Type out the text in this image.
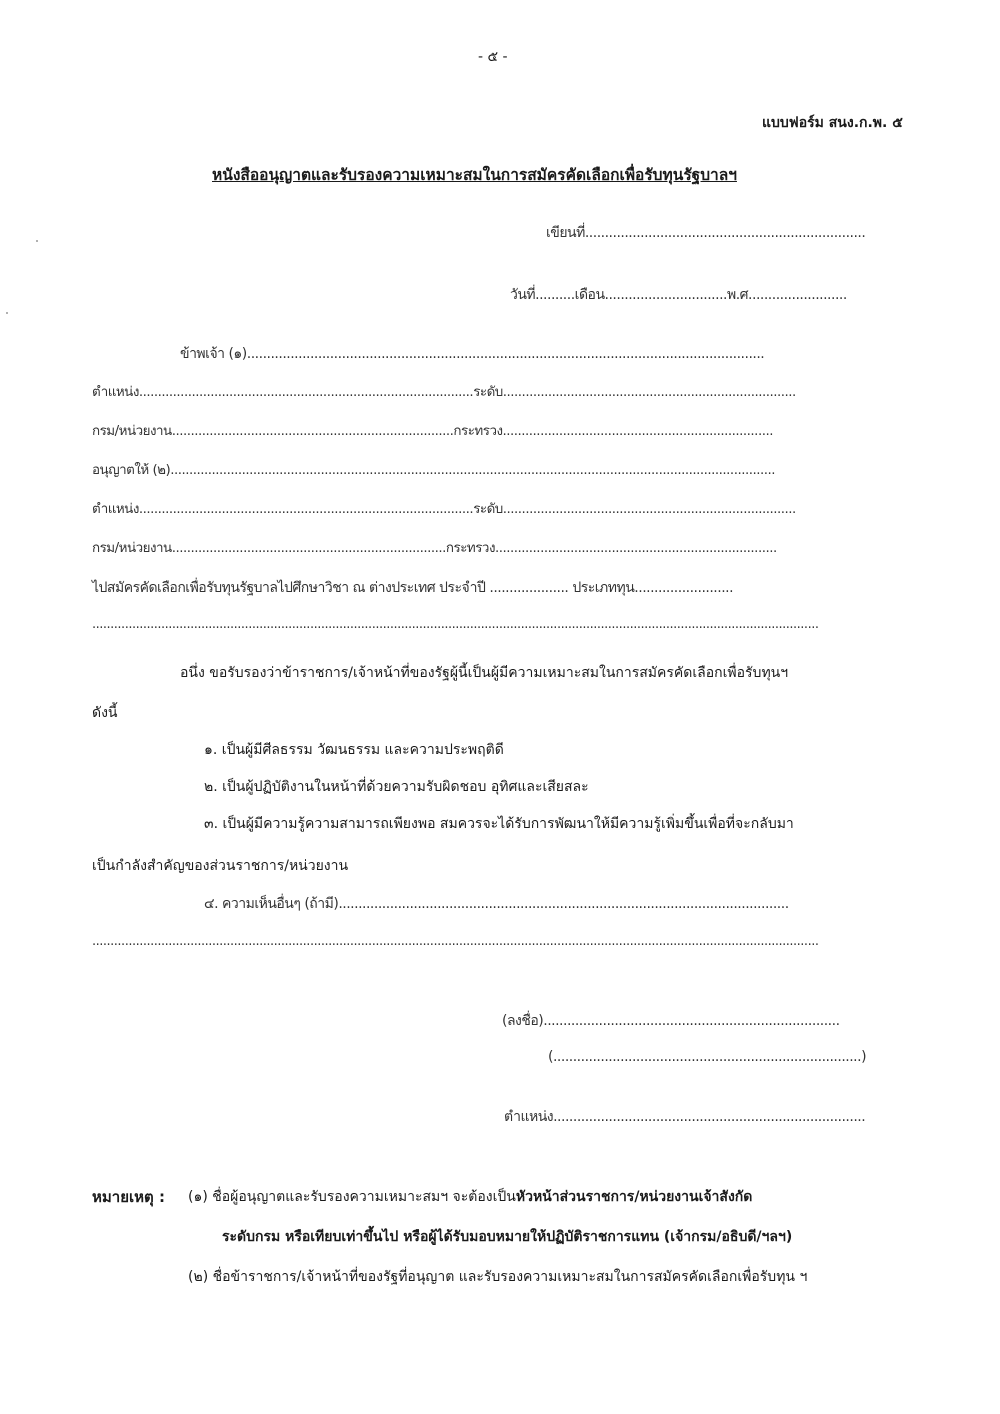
- ๕ -
แบบฟอร์ม สนง.ก.พ. ๕
หนังสืออนุญาตและรับรองความเหมาะสมในการสมัครคัดเลือกเพื่อรับทุนรัฐบาลฯ
เขียนที่.......................................................................
วันที่..........เดือน...............................พ.ศ.........................
ข้าพเจ้า (๑)...................................................................................................................................
ตำแหน่ง.........................................................................................ระดับ..............................................................................
กรม/หน่วยงาน...........................................................................กระทรวง........................................................................
อนุญาตให้ (๒).................................................................................................................................................................
ตำแหน่ง.........................................................................................ระดับ..............................................................................
กรม/หน่วยงาน.........................................................................กระทรวง...........................................................................
ไปสมัครคัดเลือกเพื่อรับทุนรัฐบาลไปศึกษาวิชา ณ ต่างประเทศ ประจำปี .................... ประเภททุน.........................
........................................................................................................................................................................................................
อนึ่ง ขอรับรองว่าข้าราชการ/เจ้าหน้าที่ของรัฐผู้นี้เป็นผู้มีความเหมาะสมในการสมัครคัดเลือกเพื่อรับทุนฯ
ดังนี้
๑. เป็นผู้มีศีลธรรม วัฒนธรรม และความประพฤติดี
๒. เป็นผู้ปฏิบัติงานในหน้าที่ด้วยความรับผิดชอบ อุทิศและเสียสละ
๓. เป็นผู้มีความรู้ความสามารถเพียงพอ สมควรจะได้รับการพัฒนาให้มีความรู้เพิ่มขึ้นเพื่อที่จะกลับมา
เป็นกำลังสำคัญของส่วนราชการ/หน่วยงาน
๔. ความเห็นอื่นๆ (ถ้ามี)..................................................................................................................
........................................................................................................................................................................................................
(ลงชื่อ)...........................................................................
(..............................................................................)
ตำแหน่ง...............................................................................
หมายเหตุ : (๑) ชื่อผู้อนุญาตและรับรองความเหมาะสมฯ จะต้องเป็นหัวหน้าส่วนราชการ/หน่วยงานเจ้าสังกัด
ระดับกรม หรือเทียบเท่าขึ้นไป หรือผู้ได้รับมอบหมายให้ปฏิบัติราชการแทน (เจ้ากรม/อธิบดี/ฯลฯ)
(๒) ชื่อข้าราชการ/เจ้าหน้าที่ของรัฐที่อนุญาต และรับรองความเหมาะสมในการสมัครคัดเลือกเพื่อรับทุน ฯ
